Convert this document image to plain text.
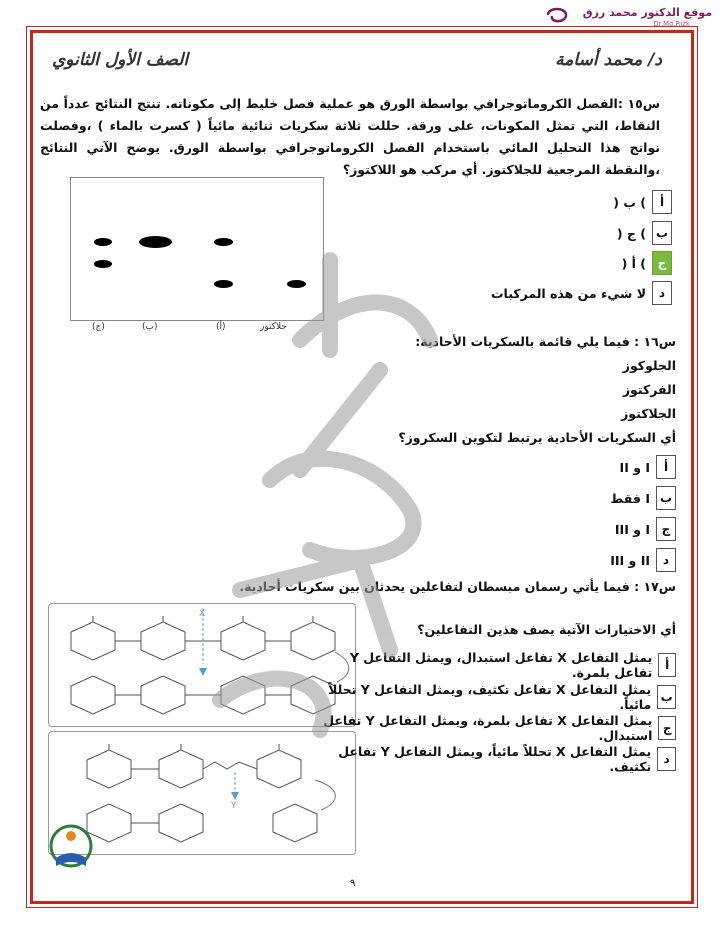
موقع الدكتور محمد رزق
Dr.Mo.Rizk
الصف الأول الثانوي	د/ محمد أسامة
س١٥ :الفصل الكروماتوجرافي بواسطة الورق هو عملية فصل خليط إلى مكوناته. تنتج النتائج عدداً من النقاط، التي تمثل المكونات، على ورقة. حللت ثلاثة سكريات ثنائية مائياً ( كسرت بالماء ) ،وفصلت نواتج هذا التحليل المائي باستخدام الفصل الكروماتوجرافي بواسطة الورق. يوضح الآتي النتائج ،والنقطة المرجعية للجلاكتوز. أي مركب هو اللاكتوز؟
(ج)	(ب)	(أ)	جلاكتوز
أ
) ب (
ب
) ج (
ج
) أ (
د
لا شيء من هذه المركبات
س١٦ : فيما يلي قائمة بالسكريات الأحادية:
الجلوكوز
الفركتوز
الجلاكتوز
أي السكريات الأحادية يرتبط لتكوين السكروز؟
أ
I و II
ب
I فقط
ج
I و III
د
II و III
س١٧ : فيما يأتي رسمان مبسطان لتفاعلين يحدثان بين سكريات أحادية.
أي الاختيارات الآتية يصف هذين التفاعلين؟
X
Y
أ
يمثل التفاعل X تفاعل استبدال، ويمثل التفاعل Y تفاعل بلمرة.
ب
يمثل التفاعل X تفاعل تكثيف، ويمثل التفاعل Y تحللاً مائياً.
ج
يمثل التفاعل X تفاعل بلمرة، ويمثل التفاعل Y تفاعل استبدال.
د
يمثل التفاعل X تحللاً مائياً، ويمثل التفاعل Y تفاعل تكثيف.
٩
